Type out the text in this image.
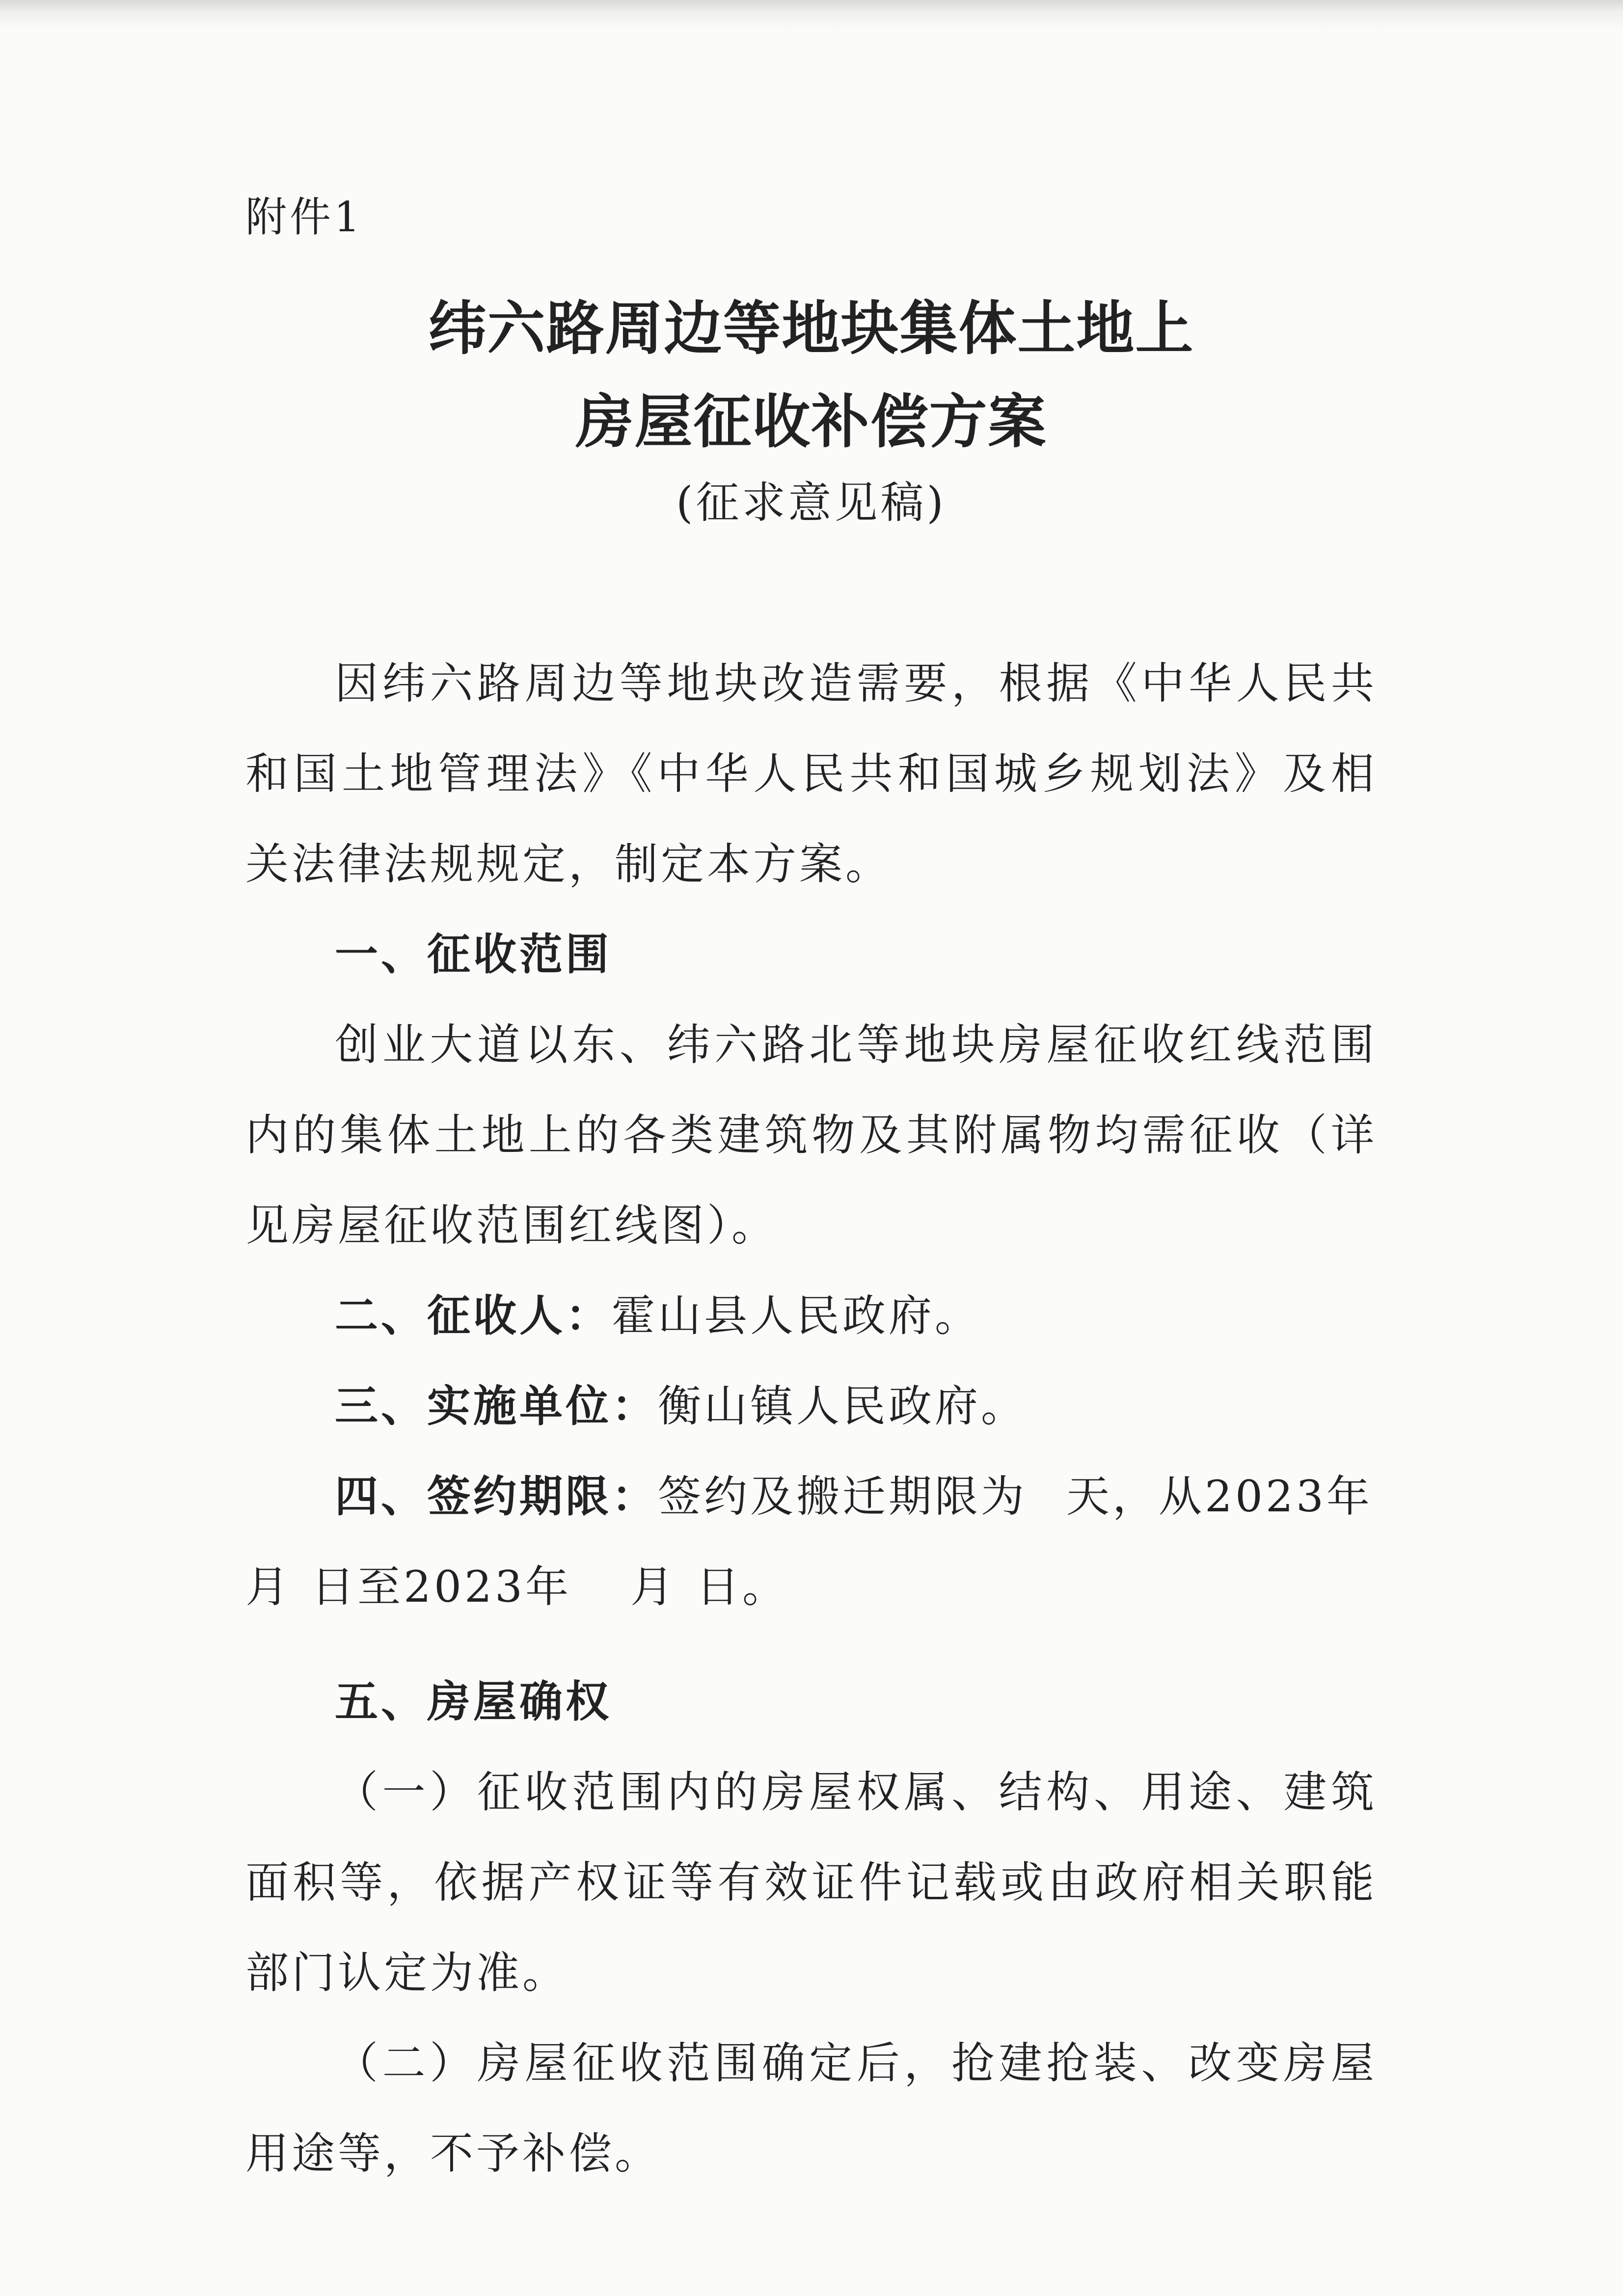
附件1

纬六路周边等地块集体土地上
房屋征收补偿方案

(征求意见稿)

因纬六路周边等地块改造需要，根据《中华人民共和国土地管理法》《中华人民共和国城乡规划法》及相关法律法规规定，制定本方案。

一、征收范围

创业大道以东、纬六路北等地块房屋征收红线范围内的集体土地上的各类建筑物及其附属物均需征收（详见房屋征收范围红线图）。

二、征收人：霍山县人民政府。

三、实施单位：衡山镇人民政府。

四、签约期限：签约及搬迁期限为 天，从2023年
月 日至2023年 月 日。

五、房屋确权

（一）征收范围内的房屋权属、结构、用途、建筑面积等，依据产权证等有效证件记载或由政府相关职能部门认定为准。

（二）房屋征收范围确定后，抢建抢装、改变房屋用途等，不予补偿。
